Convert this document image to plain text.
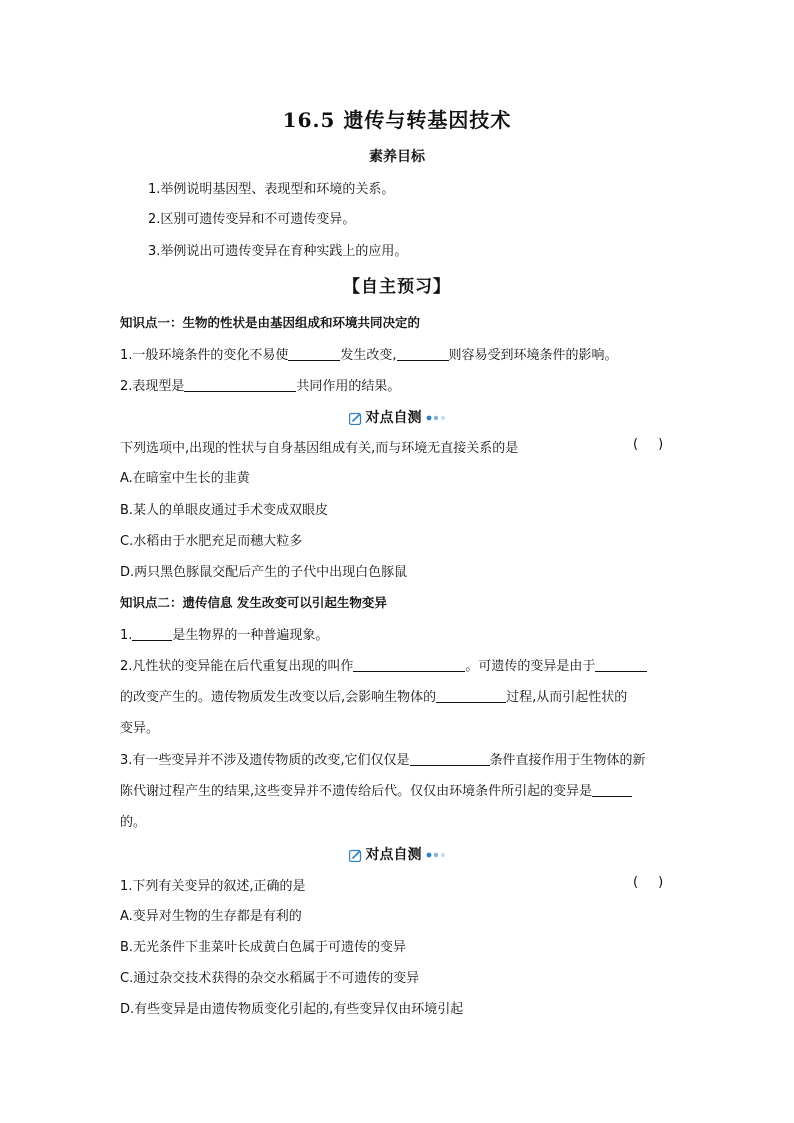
16.5 遗传与转基因技术
素养目标
1.举例说明基因型、表现型和环境的关系。
2.区别可遗传变异和不可遗传变异。
3.举例说出可遗传变异在育种实践上的应用。
【自主预习】
知识点一：生物的性状是由基因组成和环境共同决定的
1.一般环境条件的变化不易使	发生改变,	则容易受到环境条件的影响。
2.表现型是	共同作用的结果。
对点自测
下列选项中,出现的性状与自身基因组成有关,而与环境无直接关系的是	()
A.在暗室中生长的韭黄
B.某人的单眼皮通过手术变成双眼皮
C.水稻由于水肥充足而穗大粒多
D.两只黑色豚鼠交配后产生的子代中出现白色豚鼠
知识点二：遗传信息 发生改变可以引起生物变异
1.	是生物界的一种普遍现象。
2.凡性状的变异能在后代重复出现的叫作	。可遗传的变异是由于
的改变产生的。遗传物质发生改变以后,会影响生物体的	过程,从而引起性状的
变异。
3.有一些变异并不涉及遗传物质的改变,它们仅仅是	条件直接作用于生物体的新
陈代谢过程产生的结果,这些变异并不遗传给后代。仅仅由环境条件所引起的变异是
的。
对点自测
1.下列有关变异的叙述,正确的是	()
A.变异对生物的生存都是有利的
B.无光条件下韭菜叶长成黄白色属于可遗传的变异
C.通过杂交技术获得的杂交水稻属于不可遗传的变异
D.有些变异是由遗传物质变化引起的,有些变异仅由环境引起
